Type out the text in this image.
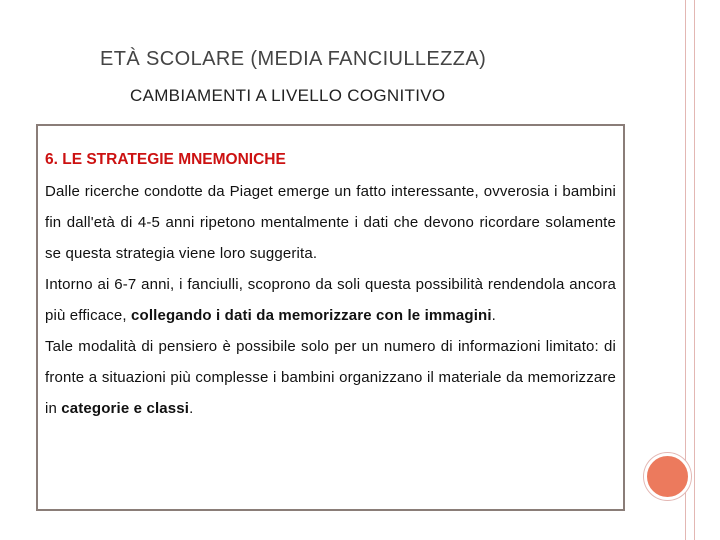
ETÀ SCOLARE (MEDIA FANCIULLEZZA)
CAMBIAMENTI A LIVELLO COGNITIVO
6. LE STRATEGIE MNEMONICHE

Dalle ricerche condotte da Piaget emerge un fatto interessante, ovverosia i bambini fin dall'età di 4-5 anni ripetono mentalmente i dati che devono ricordare solamente se questa strategia viene loro suggerita.

Intorno ai 6-7 anni, i fanciulli, scoprono da soli questa possibilità rendendola ancora più efficace, collegando i dati da memorizzare con le immagini.

Tale modalità di pensiero è possibile solo per un numero di informazioni limitato: di fronte a situazioni più complesse i bambini organizzano il materiale da memorizzare in categorie e classi.
